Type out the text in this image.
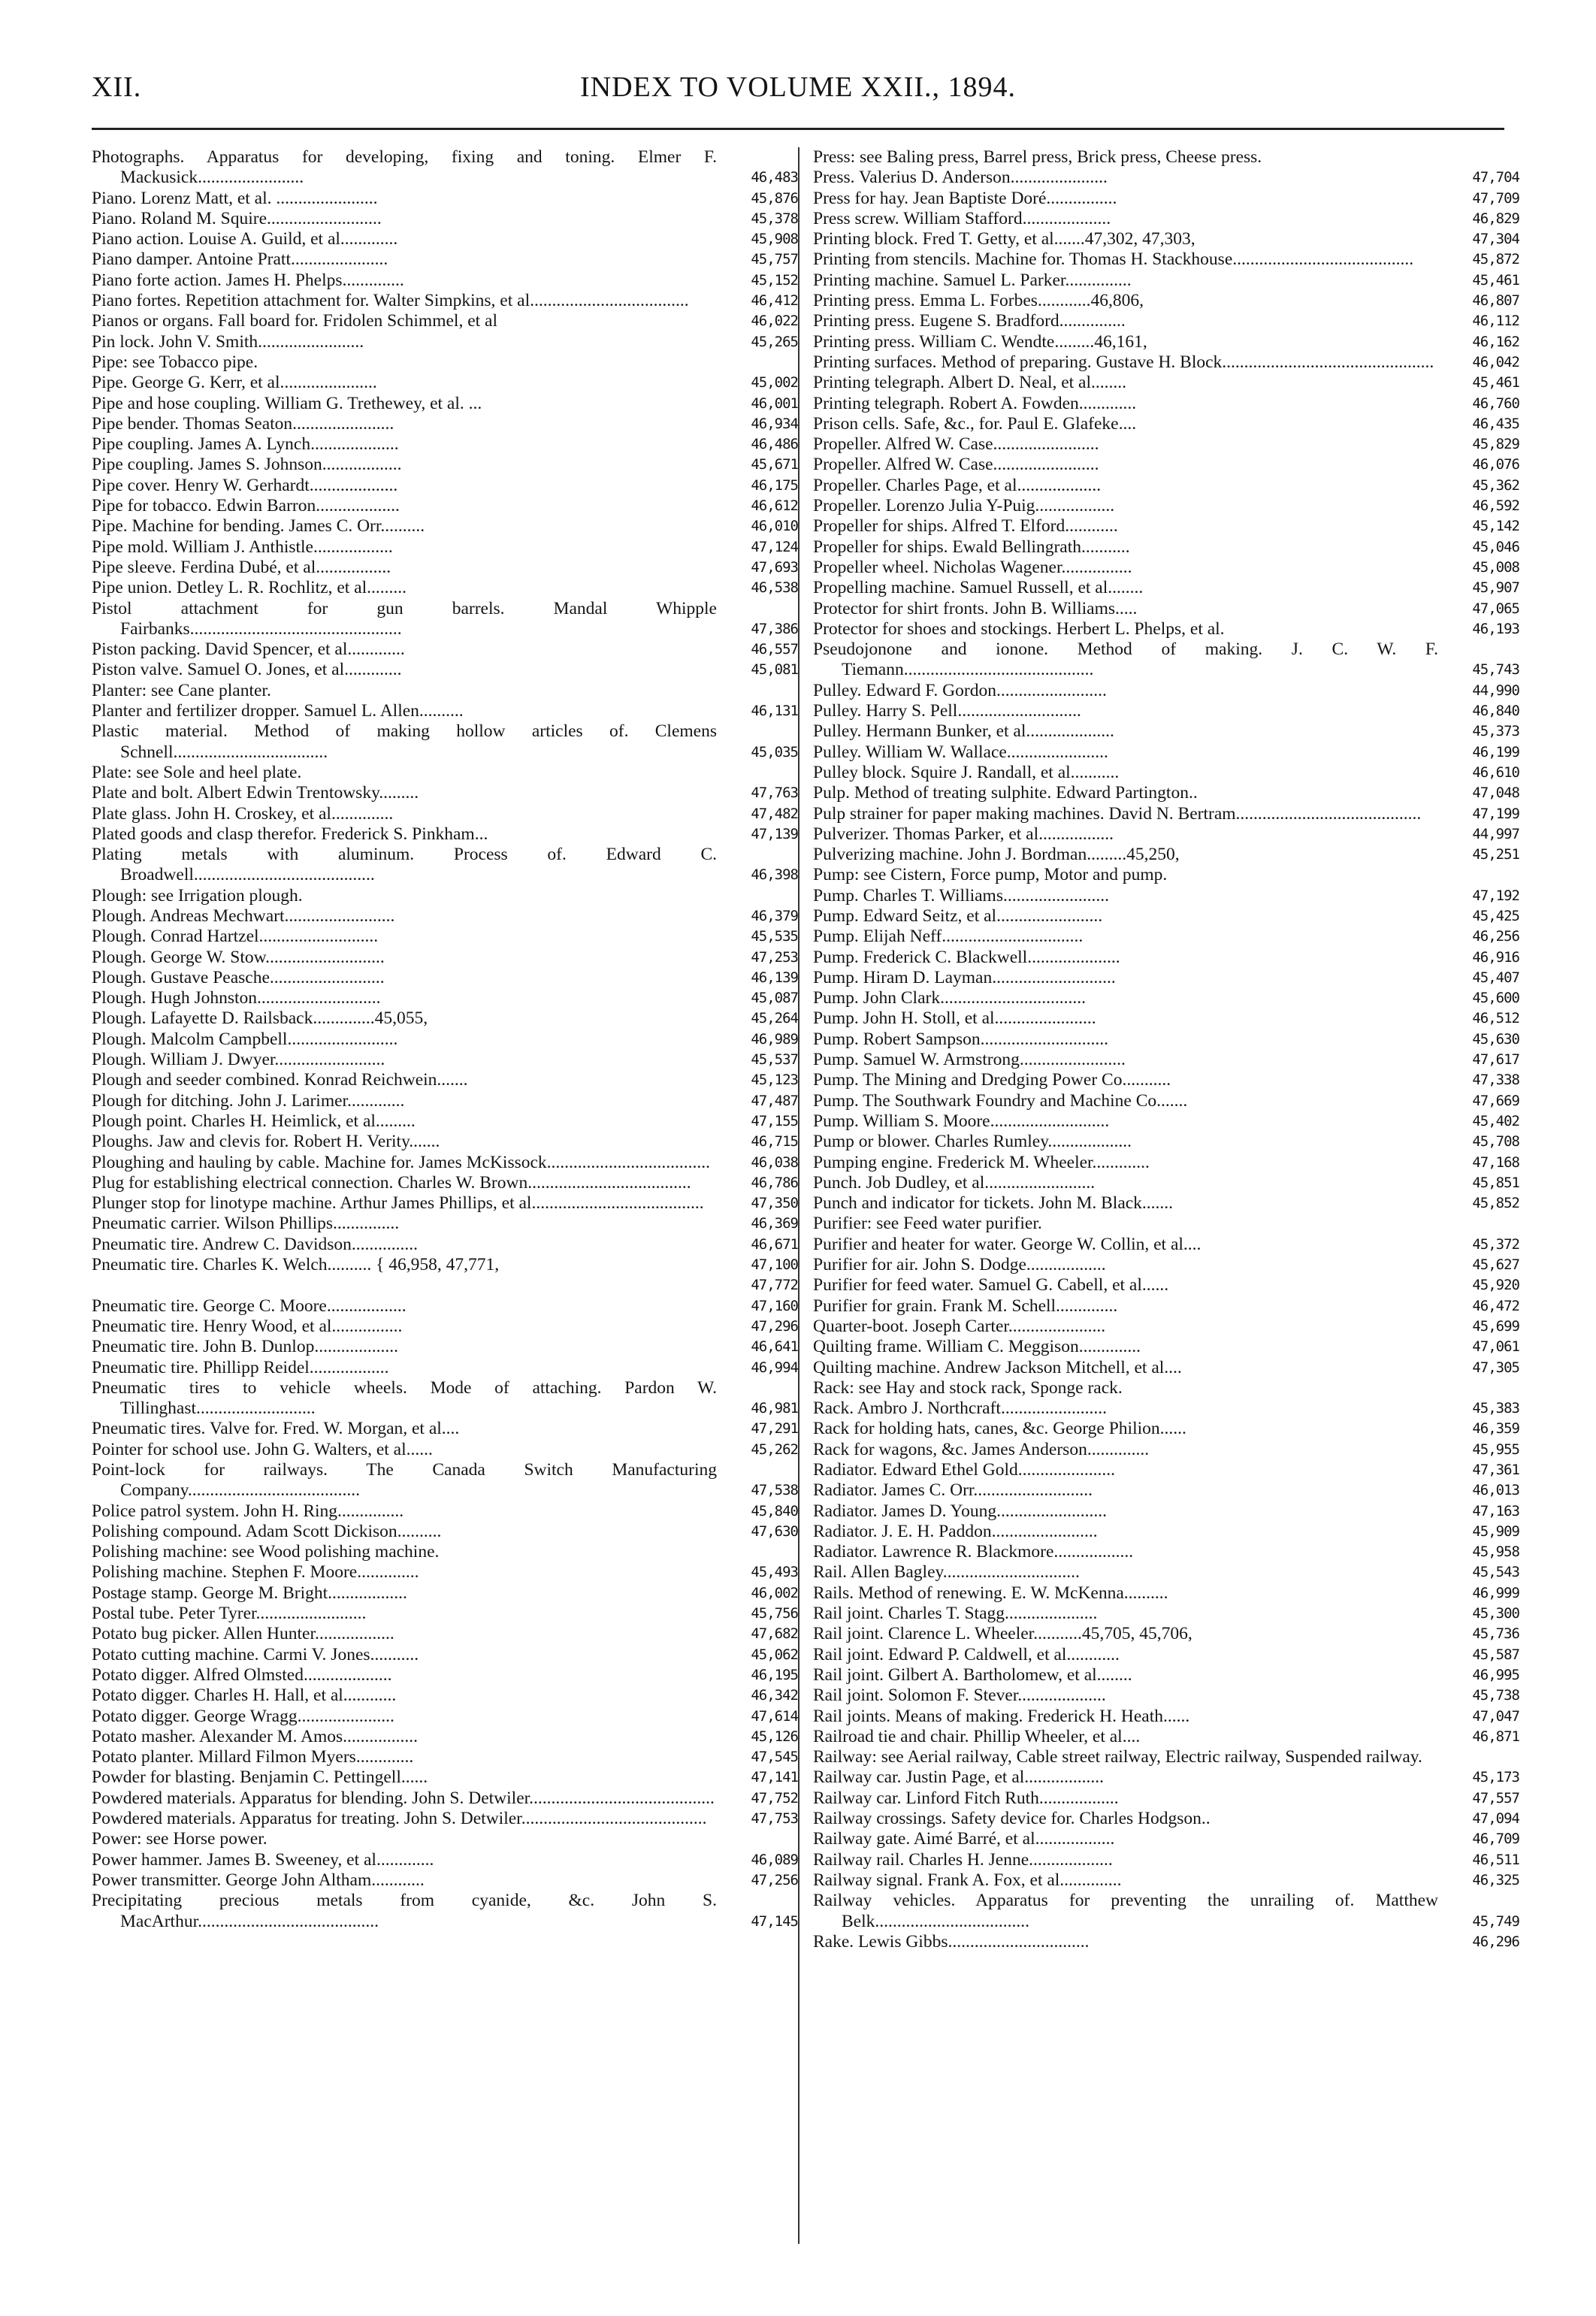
XII.	INDEX TO VOLUME XXII., 1894.
Photographs. Apparatus for developing, fixing and toning. Elmer F. Mackusick........................	46,483
Piano. Lorenz Matt, et al. .......................	45,876
Piano. Roland M. Squire..........................	45,378
Piano action. Louise A. Guild, et al.............	45,908
Piano damper. Antoine Pratt......................	45,757
Piano forte action. James H. Phelps..............	45,152
Piano fortes. Repetition attachment for. Walter Simpkins, et al....................................	46,412
Pianos or organs. Fall board for. Fridolen Schimmel, et al	46,022
Pin lock. John V. Smith........................	45,265
Pipe: see Tobacco pipe.
Pipe. George G. Kerr, et al......................	45,002
Pipe and hose coupling. William G. Trethewey, et al. ...	46,001
Pipe bender. Thomas Seaton.......................	46,934
Pipe coupling. James A. Lynch....................	46,486
Pipe coupling. James S. Johnson..................	45,671
Pipe cover. Henry W. Gerhardt....................	46,175
Pipe for tobacco. Edwin Barron...................	46,612
Pipe. Machine for bending. James C. Orr..........	46,010
Pipe mold. William J. Anthistle..................	47,124
Pipe sleeve. Ferdina Dubé, et al.................	47,693
Pipe union. Detley L. R. Rochlitz, et al.........	46,538
Pistol attachment for gun barrels. Mandal Whipple Fairbanks................................................	47,386
Piston packing. David Spencer, et al.............	46,557
Piston valve. Samuel O. Jones, et al.............	45,081
Planter: see Cane planter.
Planter and fertilizer dropper. Samuel L. Allen..........	46,131
Plastic material. Method of making hollow articles of. Clemens Schnell...................................	45,035
Plate: see Sole and heel plate.
Plate and bolt. Albert Edwin Trentowsky.........	47,763
Plate glass. John H. Croskey, et al..............	47,482
Plated goods and clasp therefor. Frederick S. Pinkham...	47,139
Plating metals with aluminum. Process of. Edward C. Broadwell.........................................	46,398
Plough: see Irrigation plough.
Plough. Andreas Mechwart.........................	46,379
Plough. Conrad Hartzel...........................	45,535
Plough. George W. Stow...........................	47,253
Plough. Gustave Peasche..........................	46,139
Plough. Hugh Johnston............................	45,087
Plough. Lafayette D. Railsback..............45,055,	45,264
Plough. Malcolm Campbell.........................	46,989
Plough. William J. Dwyer.........................	45,537
Plough and seeder combined. Konrad Reichwein.......	45,123
Plough for ditching. John J. Larimer.............	47,487
Plough point. Charles H. Heimlick, et al.........	47,155
Ploughs. Jaw and clevis for. Robert H. Verity.......	46,715
Ploughing and hauling by cable. Machine for. James McKissock.....................................	46,038
Plug for establishing electrical connection. Charles W. Brown.....................................	46,786
Plunger stop for linotype machine. Arthur James Phillips, et al.......................................	47,350
Pneumatic carrier. Wilson Phillips...............	46,369
Pneumatic tire. Andrew C. Davidson...............	46,671
Pneumatic tire. Charles K. Welch.......... { 46,958, 47,771,	47,100
47,772
Pneumatic tire. George C. Moore..................	47,160
Pneumatic tire. Henry Wood, et al................	47,296
Pneumatic tire. John B. Dunlop...................	46,641
Pneumatic tire. Phillipp Reidel..................	46,994
Pneumatic tires to vehicle wheels. Mode of attaching. Pardon W. Tillinghast...........................	46,981
Pneumatic tires. Valve for. Fred. W. Morgan, et al....	47,291
Pointer for school use. John G. Walters, et al......	45,262
Point-lock for railways. The Canada Switch Manufacturing Company.......................................	47,538
Police patrol system. John H. Ring...............	45,840
Polishing compound. Adam Scott Dickison..........	47,630
Polishing machine: see Wood polishing machine.
Polishing machine. Stephen F. Moore..............	45,493
Postage stamp. George M. Bright..................	46,002
Postal tube. Peter Tyrer.........................	45,756
Potato bug picker. Allen Hunter..................	47,682
Potato cutting machine. Carmi V. Jones...........	45,062
Potato digger. Alfred Olmsted....................	46,195
Potato digger. Charles H. Hall, et al............	46,342
Potato digger. George Wragg......................	47,614
Potato masher. Alexander M. Amos.................	45,126
Potato planter. Millard Filmon Myers.............	47,545
Powder for blasting. Benjamin C. Pettingell......	47,141
Powdered materials. Apparatus for blending. John S. Detwiler..........................................	47,752
Powdered materials. Apparatus for treating. John S. Detwiler..........................................	47,753
Power: see Horse power.
Power hammer. James B. Sweeney, et al.............	46,089
Power transmitter. George John Altham............	47,256
Precipitating precious metals from cyanide, &c. John S. MacArthur.........................................	47,145
Press: see Baling press, Barrel press, Brick press, Cheese press.
Press. Valerius D. Anderson......................	47,704
Press for hay. Jean Baptiste Doré................	47,709
Press screw. William Stafford....................	46,829
Printing block. Fred T. Getty, et al.......47,302, 47,303,	47,304
Printing from stencils. Machine for. Thomas H. Stackhouse.........................................	45,872
Printing machine. Samuel L. Parker...............	45,461
Printing press. Emma L. Forbes............46,806,	46,807
Printing press. Eugene S. Bradford...............	46,112
Printing press. William C. Wendte.........46,161,	46,162
Printing surfaces. Method of preparing. Gustave H. Block................................................	46,042
Printing telegraph. Albert D. Neal, et al........	45,461
Printing telegraph. Robert A. Fowden.............	46,760
Prison cells. Safe, &c., for. Paul E. Glafeke....	46,435
Propeller. Alfred W. Case........................	45,829
Propeller. Alfred W. Case........................	46,076
Propeller. Charles Page, et al...................	45,362
Propeller. Lorenzo Julia Y-Puig..................	46,592
Propeller for ships. Alfred T. Elford............	45,142
Propeller for ships. Ewald Bellingrath...........	45,046
Propeller wheel. Nicholas Wagener................	45,008
Propelling machine. Samuel Russell, et al........	45,907
Protector for shirt fronts. John B. Williams.....	47,065
Protector for shoes and stockings. Herbert L. Phelps, et al.	46,193
Pseudojonone and ionone. Method of making. J. C. W. F. Tiemann...........................................	45,743
Pulley. Edward F. Gordon.........................	44,990
Pulley. Harry S. Pell............................	46,840
Pulley. Hermann Bunker, et al....................	45,373
Pulley. William W. Wallace.......................	46,199
Pulley block. Squire J. Randall, et al...........	46,610
Pulp. Method of treating sulphite. Edward Partington..	47,048
Pulp strainer for paper making machines. David N. Bertram..........................................	47,199
Pulverizer. Thomas Parker, et al.................	44,997
Pulverizing machine. John J. Bordman.........45,250,	45,251
Pump: see Cistern, Force pump, Motor and pump.
Pump. Charles T. Williams........................	47,192
Pump. Edward Seitz, et al........................	45,425
Pump. Elijah Neff................................	46,256
Pump. Frederick C. Blackwell.....................	46,916
Pump. Hiram D. Layman............................	45,407
Pump. John Clark.................................	45,600
Pump. John H. Stoll, et al.......................	46,512
Pump. Robert Sampson.............................	45,630
Pump. Samuel W. Armstrong........................	47,617
Pump. The Mining and Dredging Power Co...........	47,338
Pump. The Southwark Foundry and Machine Co.......	47,669
Pump. William S. Moore...........................	45,402
Pump or blower. Charles Rumley...................	45,708
Pumping engine. Frederick M. Wheeler.............	47,168
Punch. Job Dudley, et al.........................	45,851
Punch and indicator for tickets. John M. Black.......	45,852
Purifier: see Feed water purifier.
Purifier and heater for water. George W. Collin, et al....	45,372
Purifier for air. John S. Dodge..................	45,627
Purifier for feed water. Samuel G. Cabell, et al......	45,920
Purifier for grain. Frank M. Schell..............	46,472
Quarter-boot. Joseph Carter......................	45,699
Quilting frame. William C. Meggison..............	47,061
Quilting machine. Andrew Jackson Mitchell, et al....	47,305
Rack: see Hay and stock rack, Sponge rack.
Rack. Ambro J. Northcraft........................	45,383
Rack for holding hats, canes, &c. George Philion......	46,359
Rack for wagons, &c. James Anderson..............	45,955
Radiator. Edward Ethel Gold......................	47,361
Radiator. James C. Orr...........................	46,013
Radiator. James D. Young.........................	47,163
Radiator. J. E. H. Paddon........................	45,909
Radiator. Lawrence R. Blackmore..................	45,958
Rail. Allen Bagley...............................	45,543
Rails. Method of renewing. E. W. McKenna..........	46,999
Rail joint. Charles T. Stagg.....................	45,300
Rail joint. Clarence L. Wheeler...........45,705, 45,706,	45,736
Rail joint. Edward P. Caldwell, et al............	45,587
Rail joint. Gilbert A. Bartholomew, et al........	46,995
Rail joint. Solomon F. Stever....................	45,738
Rail joints. Means of making. Frederick H. Heath......	47,047
Railroad tie and chair. Phillip Wheeler, et al....	46,871
Railway: see Aerial railway, Cable street railway, Electric railway, Suspended railway.
Railway car. Justin Page, et al..................	45,173
Railway car. Linford Fitch Ruth..................	47,557
Railway crossings. Safety device for. Charles Hodgson..	47,094
Railway gate. Aimé Barré, et al..................	46,709
Railway rail. Charles H. Jenne...................	46,511
Railway signal. Frank A. Fox, et al..............	46,325
Railway vehicles. Apparatus for preventing the unrailing of. Matthew Belk...................................	45,749
Rake. Lewis Gibbs................................	46,296
